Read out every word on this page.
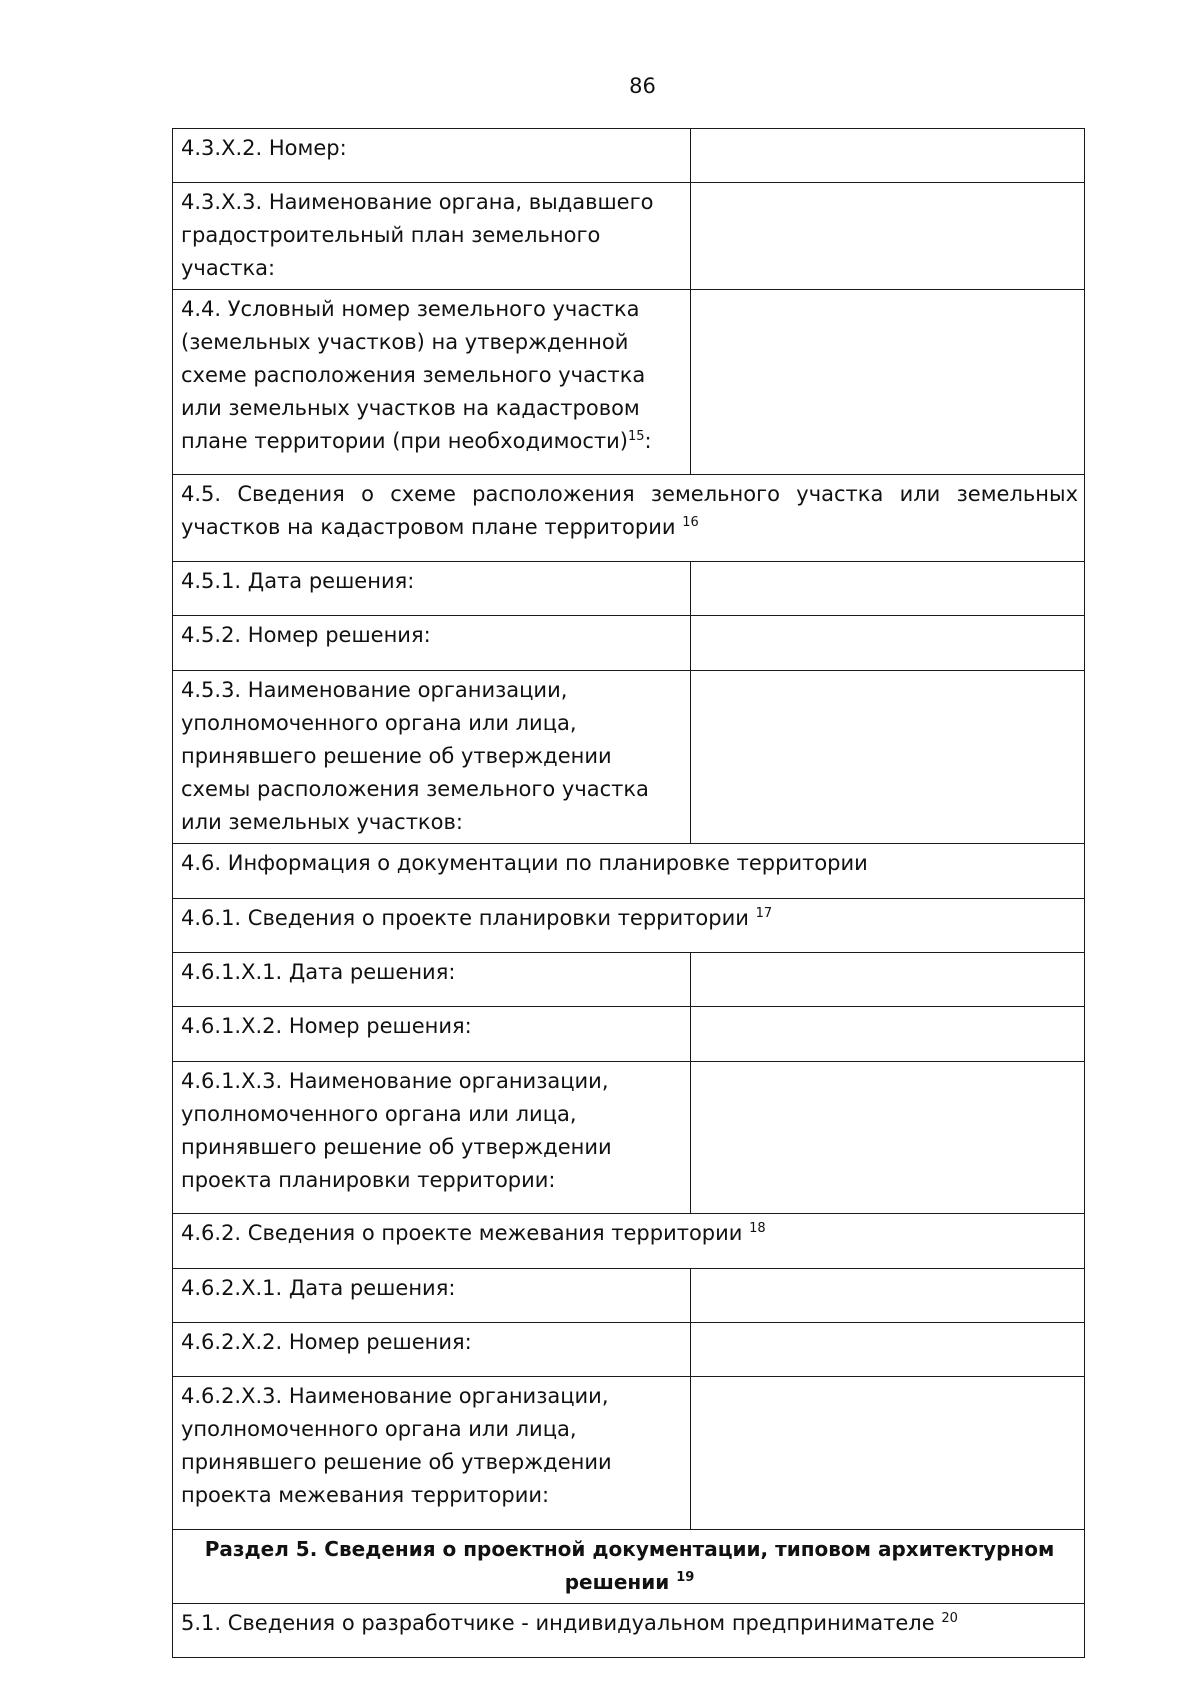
86
4.3.X.2. Номер:	
4.3.X.3. Наименование органа, выдавшего градостроительный план земельного участка:	
4.4. Условный номер земельного участка (земельных участков) на утвержденной схеме расположения земельного участка или земельных участков на кадастровом плане территории (при необходимости)$^{15}$:	
4.5. Сведения о схеме расположения земельного участка или земельных участков на кадастровом плане территории $^{16}$
4.5.1. Дата решения:	
4.5.2. Номер решения:	
4.5.3. Наименование организации, уполномоченного органа или лица, принявшего решение об утверждении схемы расположения земельного участка или земельных участков:	
4.6. Информация о документации по планировке территории	
4.6.1. Сведения о проекте планировки территории $^{17}$
4.6.1.X.1. Дата решения:	
4.6.1.X.2. Номер решения:	
4.6.1.X.3. Наименование организации, уполномоченного органа или лица, принявшего решение об утверждении проекта планировки территории:	
4.6.2. Сведения о проекте межевания территории $^{18}$
4.6.2.X.1. Дата решения:	
4.6.2.X.2. Номер решения:	
4.6.2.X.3. Наименование организации, уполномоченного органа или лица, принявшего решение об утверждении проекта межевания территории:	
Раздел 5. Сведения о проектной документации, типовом архитектурном решении $^{19}$
5.1. Сведения о разработчике - индивидуальном предпринимателе $^{20}$
